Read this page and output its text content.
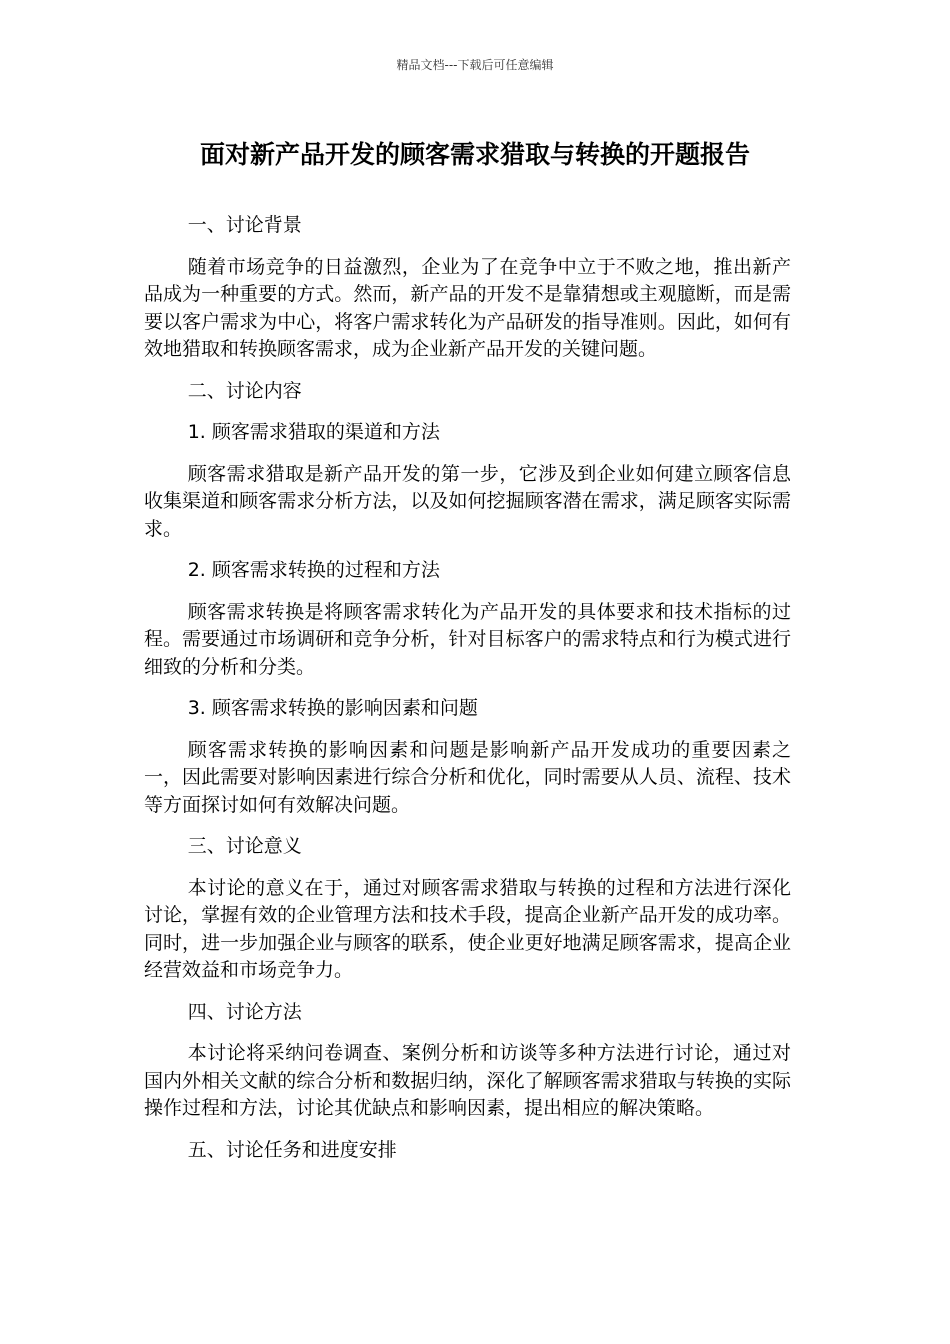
精品文档---下载后可任意编辑
面对新产品开发的顾客需求猎取与转换的开题报告

一、讨论背景

随着市场竞争的日益激烈，企业为了在竞争中立于不败之地，推出新产品成为一种重要的方式。然而，新产品的开发不是靠猜想或主观臆断，而是需要以客户需求为中心，将客户需求转化为产品研发的指导准则。因此，如何有效地猎取和转换顾客需求，成为企业新产品开发的关键问题。

二、讨论内容

1. 顾客需求猎取的渠道和方法

顾客需求猎取是新产品开发的第一步，它涉及到企业如何建立顾客信息收集渠道和顾客需求分析方法，以及如何挖掘顾客潜在需求，满足顾客实际需求。

2. 顾客需求转换的过程和方法

顾客需求转换是将顾客需求转化为产品开发的具体要求和技术指标的过程。需要通过市场调研和竞争分析，针对目标客户的需求特点和行为模式进行细致的分析和分类。

3. 顾客需求转换的影响因素和问题

顾客需求转换的影响因素和问题是影响新产品开发成功的重要因素之一，因此需要对影响因素进行综合分析和优化，同时需要从人员、流程、技术等方面探讨如何有效解决问题。

三、讨论意义

本讨论的意义在于，通过对顾客需求猎取与转换的过程和方法进行深化讨论，掌握有效的企业管理方法和技术手段，提高企业新产品开发的成功率。同时，进一步加强企业与顾客的联系，使企业更好地满足顾客需求，提高企业经营效益和市场竞争力。

四、讨论方法

本讨论将采纳问卷调查、案例分析和访谈等多种方法进行讨论，通过对国内外相关文献的综合分析和数据归纳，深化了解顾客需求猎取与转换的实际操作过程和方法，讨论其优缺点和影响因素，提出相应的解决策略。

五、讨论任务和进度安排
